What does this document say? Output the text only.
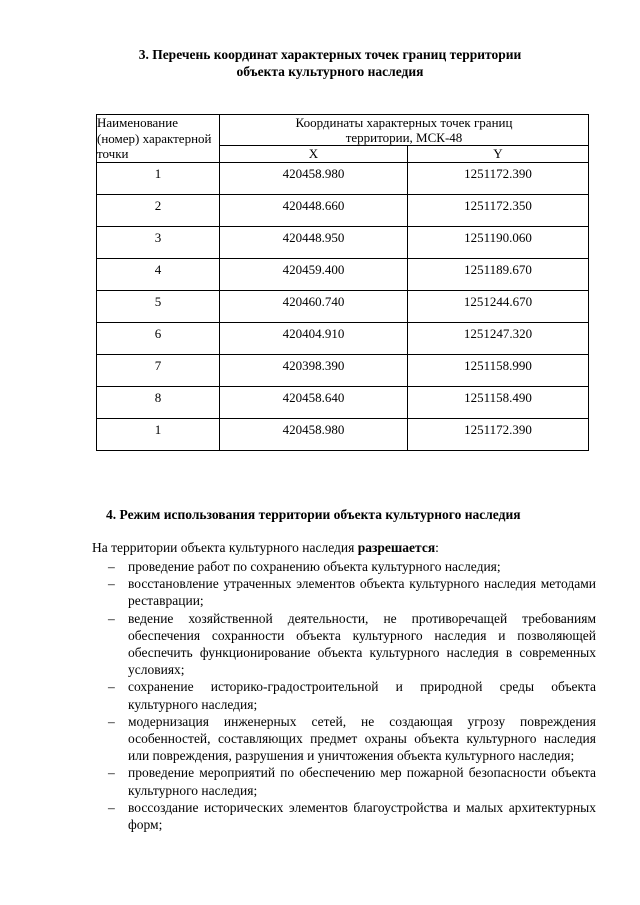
3. Перечень координат характерных точек границ территории
объекта культурного наследия
Наименование (номер) характерной точки	Координаты характерных точек границ территории, МСК-48	
	X	Y
1	420458.980	1251172.390
2	420448.660	1251172.350
3	420448.950	1251190.060
4	420459.400	1251189.670
5	420460.740	1251244.670
6	420404.910	1251247.320
7	420398.390	1251158.990
8	420458.640	1251158.490
1	420458.980	1251172.390
4. Режим использования территории объекта культурного наследия
На территории объекта культурного наследия разрешается:
– проведение работ по сохранению объекта культурного наследия;
– восстановление утраченных элементов объекта культурного наследия методами реставрации;
– ведение хозяйственной деятельности, не противоречащей требованиям обеспечения сохранности объекта культурного наследия и позволяющей обеспечить функционирование объекта культурного наследия в современных условиях;
– сохранение историко-градостроительной и природной среды объекта культурного наследия;
– модернизация инженерных сетей, не создающая угрозу повреждения особенностей, составляющих предмет охраны объекта культурного наследия или повреждения, разрушения и уничтожения объекта культурного наследия;
– проведение мероприятий по обеспечению мер пожарной безопасности объекта культурного наследия;
– воссоздание исторических элементов благоустройства и малых архитектурных форм;
